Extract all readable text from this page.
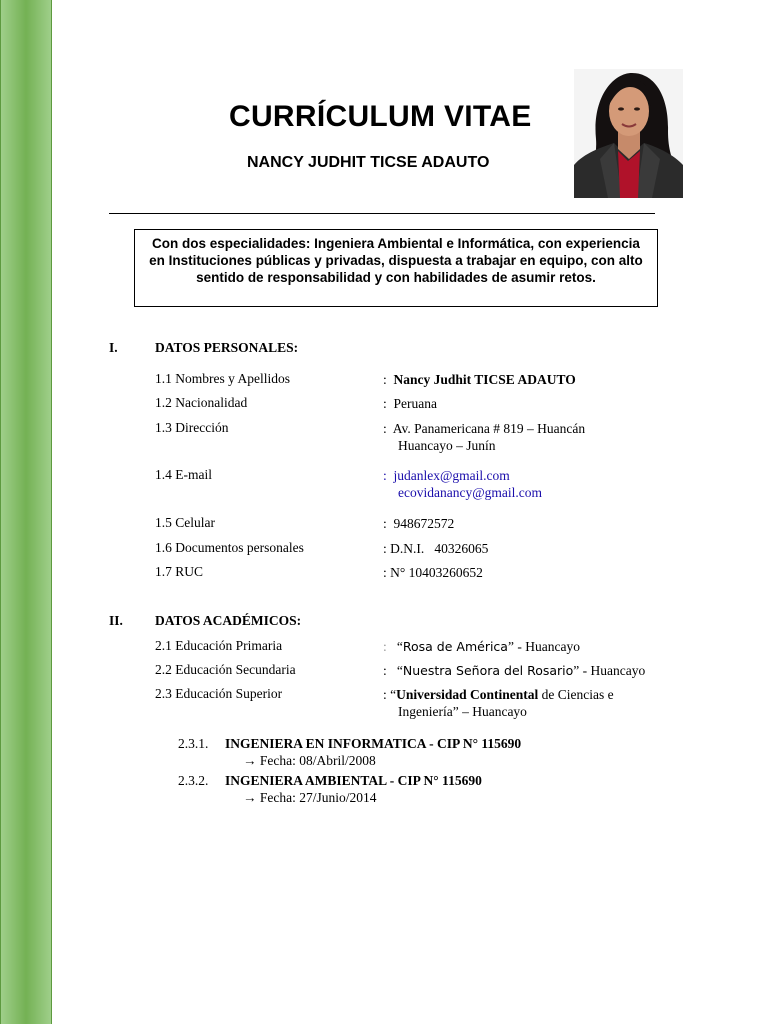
CURRÍCULUM VITAE
NANCY JUDHIT TICSE ADAUTO
Con dos especialidades: Ingeniera Ambiental e Informática, con experiencia en Instituciones públicas y privadas, dispuesta a trabajar en equipo, con alto sentido de responsabilidad y con habilidades de asumir retos.
I.	DATOS PERSONALES:
1.1 Nombres y Apellidos	: Nancy Judhit TICSE ADAUTO
1.2 Nacionalidad	: Peruana
1.3 Dirección	: Av. Panamericana # 819 – Huancán
Huancayo – Junín
1.4 E-mail	: judanlex@gmail.com
ecovidanancy@gmail.com
1.5 Celular	: 948672572
1.6 Documentos personales	: D.N.I.   40326065
1.7 RUC	: N° 10403260652
II. DATOS ACADÉMICOS:
2.1 Educación Primaria	: “Rosa de América” - Huancayo
2.2 Educación Secundaria	: “Nuestra Señora del Rosario” - Huancayo
2.3 Educación Superior	: “Universidad Continental de Ciencias e
Ingeniería” – Huancayo
2.3.1. INGENIERA EN INFORMATICA - CIP N° 115690
→ Fecha: 08/Abril/2008
2.3.2. INGENIERA AMBIENTAL - CIP N° 115690
→ Fecha: 27/Junio/2014
